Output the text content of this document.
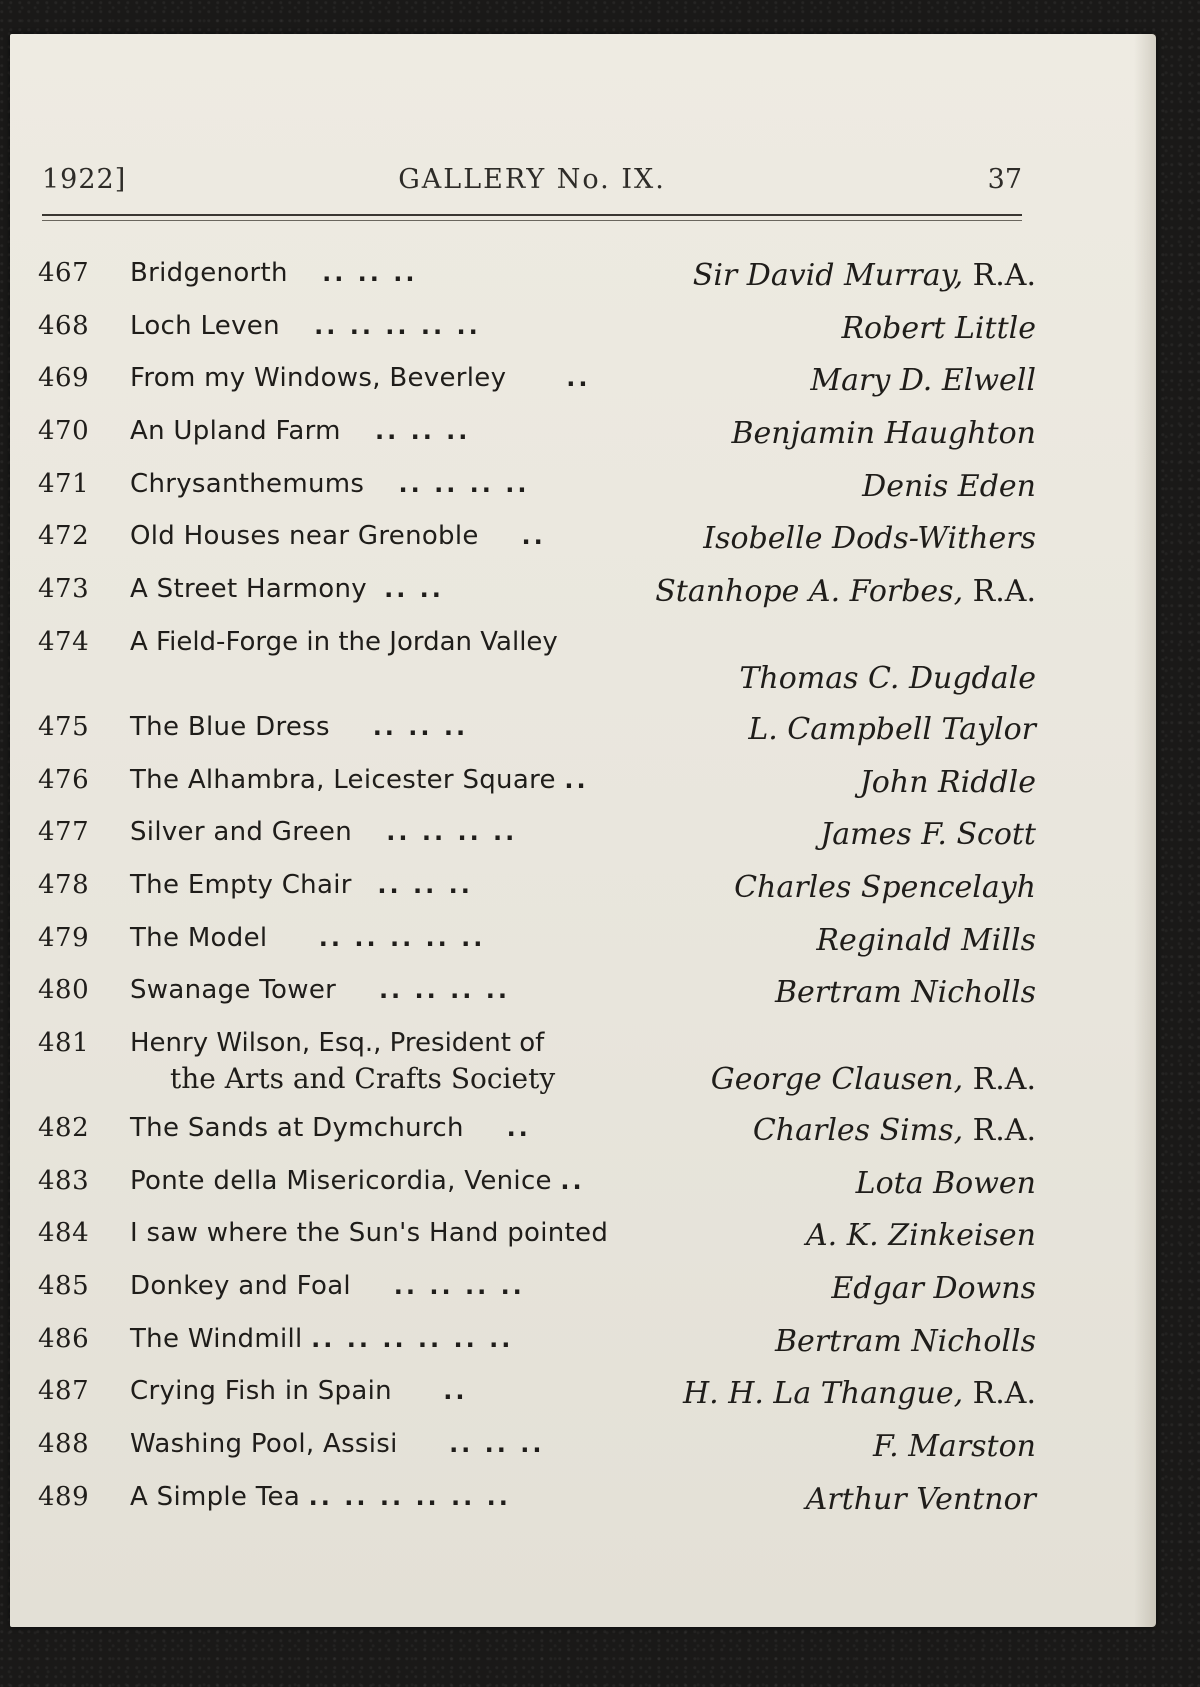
1922]	GALLERY No. IX.	37
467 Bridgenorth .. .. ..	Sir David Murray, R.A.
468 Loch Leven .. .. .. .. ..	Robert Little
469 From my Windows, Beverley ..	Mary D. Elwell
470 An Upland Farm .. .. ..	Benjamin Haughton
471 Chrysanthemums .. .. .. ..	Denis Eden
472 Old Houses near Grenoble ..	Isobelle Dods-Withers
473 A Street Harmony .. ..	Stanhope A. Forbes, R.A.
474 A Field-Forge in the Jordan Valley
Thomas C. Dugdale
475 The Blue Dress .. .. ..	L. Campbell Taylor
476 The Alhambra, Leicester Square ..	John Riddle
477 Silver and Green .. .. .. ..	James F. Scott
478 The Empty Chair .. .. ..	Charles Spencelayh
479 The Model .. .. .. .. ..	Reginald Mills
480 Swanage Tower .. .. .. ..	Bertram Nicholls
481 Henry Wilson, Esq., President of
the Arts and Crafts Society	George Clausen, R.A.
482 The Sands at Dymchurch ..	Charles Sims, R.A.
483 Ponte della Misericordia, Venice ..	Lota Bowen
484 I saw where the Sun's Hand pointed	A. K. Zinkeisen
485 Donkey and Foal .. .. .. ..	Edgar Downs
486 The Windmill .. .. .. .. .. ..	Bertram Nicholls
487 Crying Fish in Spain ..	H. H. La Thangue, R.A.
488 Washing Pool, Assisi .. .. ..	F. Marston
489 A Simple Tea .. .. .. .. .. ..	Arthur Ventnor
